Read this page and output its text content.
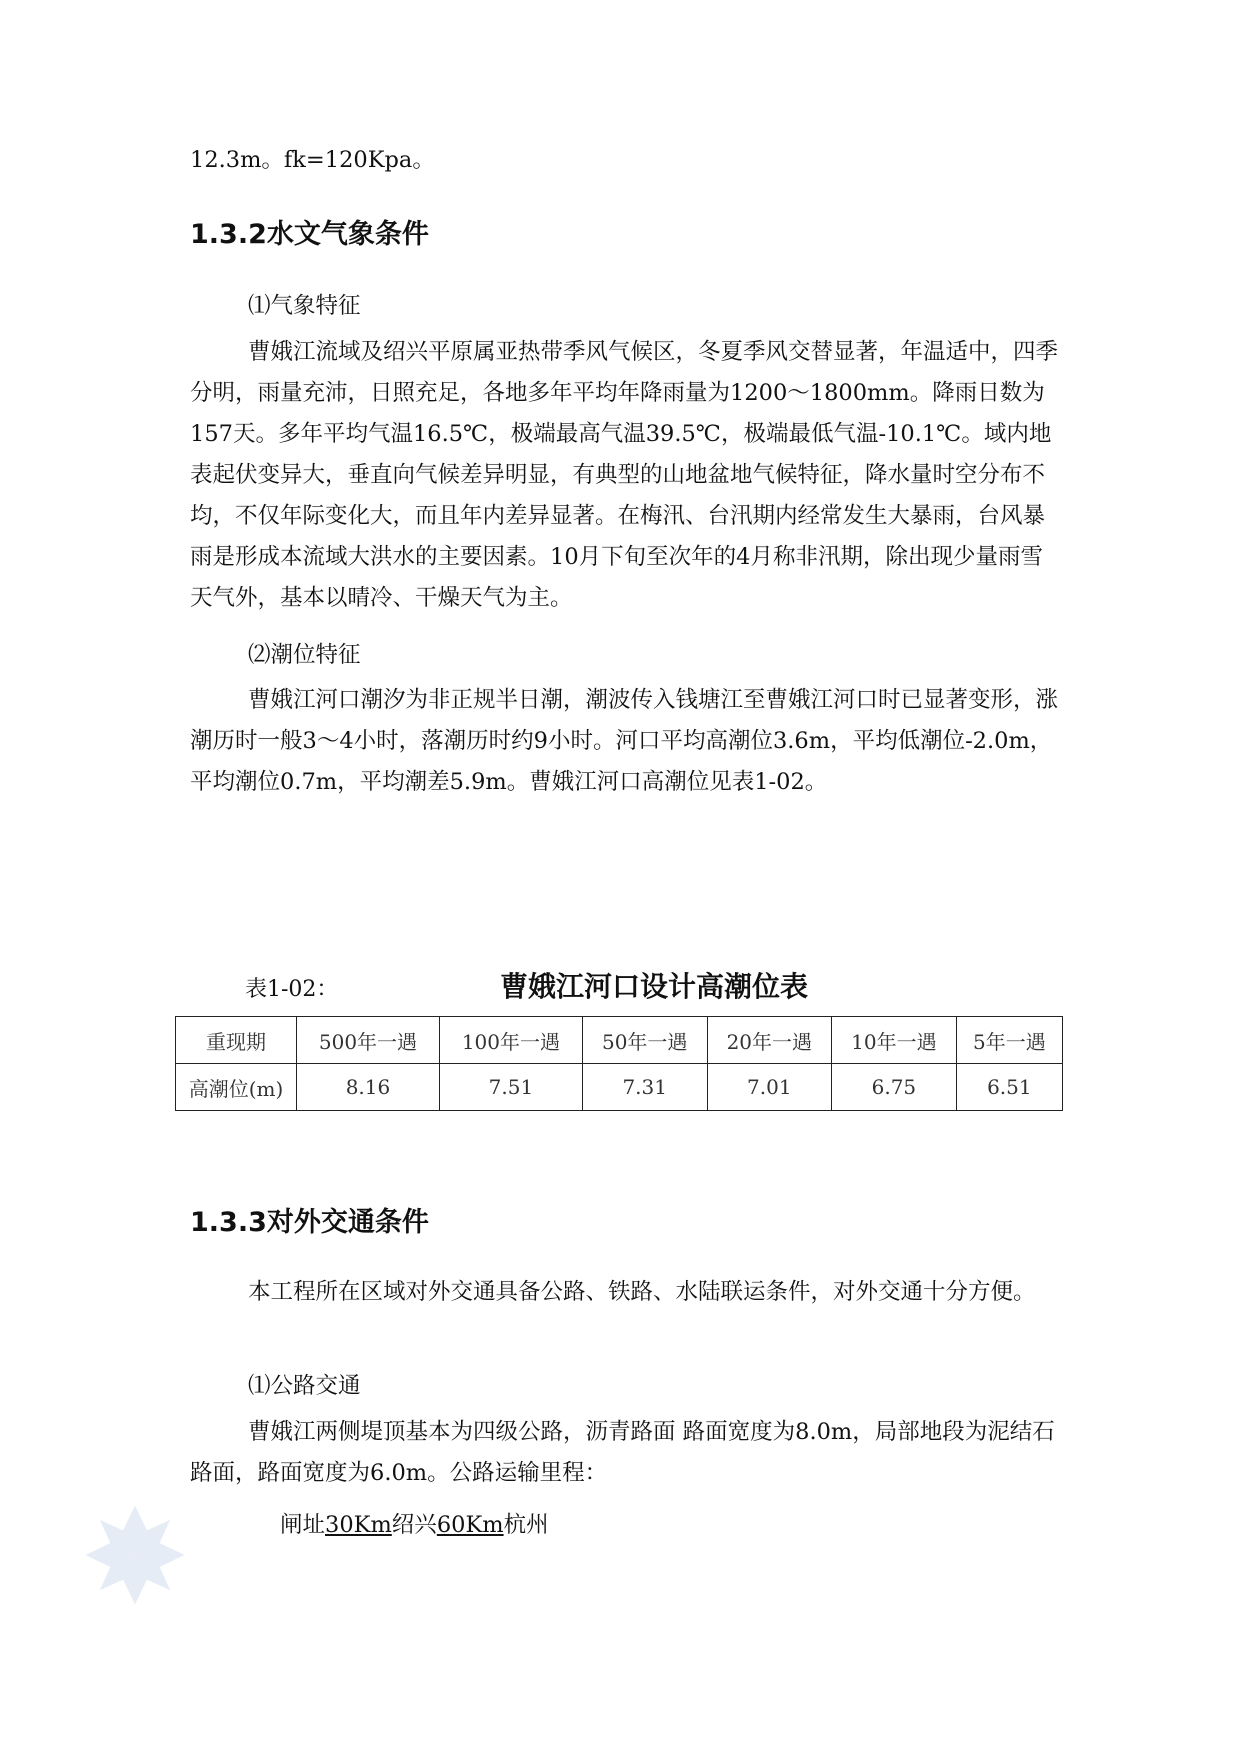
12.3m。fk=120Kpa。

1.3.2水文气象条件

⑴气象特征

曹娥江流域及绍兴平原属亚热带季风气候区，冬夏季风交替显著，年温适中，四季分明，雨量充沛，日照充足，各地多年平均年降雨量为1200～1800mm。降雨日数为157天。多年平均气温16.5℃，极端最高气温39.5℃，极端最低气温-10.1℃。域内地表起伏变异大，垂直向气候差异明显，有典型的山地盆地气候特征，降水量时空分布不均，不仅年际变化大，而且年内差异显著。在梅汛、台汛期内经常发生大暴雨，台风暴雨是形成本流域大洪水的主要因素。10月下旬至次年的4月称非汛期，除出现少量雨雪天气外，基本以晴冷、干燥天气为主。

⑵潮位特征

曹娥江河口潮汐为非正规半日潮，潮波传入钱塘江至曹娥江河口时已显著变形，涨潮历时一般3～4小时，落潮历时约9小时。河口平均高潮位3.6m，平均低潮位-2.0m，平均潮位0.7m，平均潮差5.9m。曹娥江河口高潮位见表1-02。

表1-02：	曹娥江河口设计高潮位表
重现期	500年一遇	100年一遇	50年一遇	20年一遇	10年一遇	5年一遇
高潮位(m)	8.16	7.51	7.31	7.01	6.75	6.51
1.3.3对外交通条件

本工程所在区域对外交通具备公路、铁路、水陆联运条件，对外交通十分方便。

⑴公路交通

曹娥江两侧堤顶基本为四级公路，沥青路面 路面宽度为8.0m，局部地段为泥结石路面，路面宽度为6.0m。公路运输里程：

闸址30Km绍兴60Km杭州
